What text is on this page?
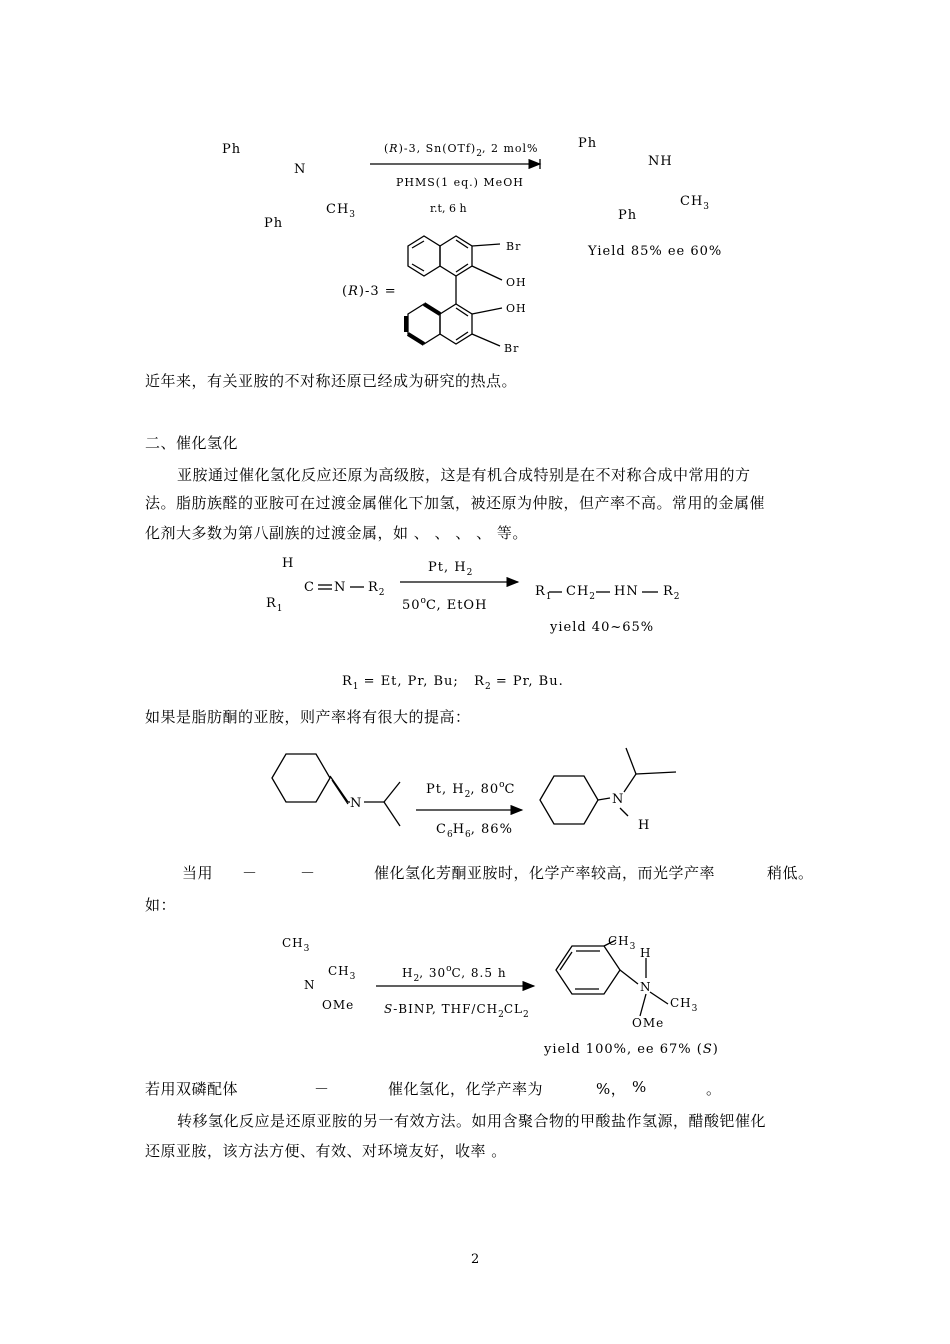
Ph
N
Ph
$CH_3$
(R)-3, $Sn(OTf)_2$, 2 mol%
PHMS(1 eq.) MeOH
r.t, 6 h
Ph
NH
$CH_3$
Ph
Yield 85% ee 60%
(R)-3 =
Br
OH
OH
Br
近年来，有关亚胺的不对称还原已经成为研究的热点。
二、催化氢化
亚胺通过催化氢化反应还原为高级胺，这是有机合成特别是在不对称合成中常用的方
法。脂肪族醛的亚胺可在过渡金属催化下加氢，被还原为仲胺，但产率不高。常用的金属催
化剂大多数为第八副族的过渡金属，如 、 、 、 、 等。
H
C N $R_2$
$R_1$
Pt, $H_2$
50$^o$C, EtOH
$R_1$ $CH_2$ HN $R_2$
yield 40~65%
$R_1 = Et$, Pr, Bu;   $R_2 = Pr$, Bu.
如果是脂肪酮的亚胺，则产率将有很大的提高：
N
Pt, $H_2$, 80$^o$C
$C_6H_6$, 86%
N
H
当用 －	－	催化氢化芳酮亚胺时，化学产率较高，而光学产率	稍低。
如：
$CH_3$
$CH_3$
N
OMe
$H_2$, 30$^o$C, 8.5 h
S-BINP, THF/$CH_2CL_2$
$CH_3$ H
N
$CH_3$
OMe
yield 100%, ee 67% (S)
若用双磷配体	－	催化氢化，化学产率为	%， %	。
转移氢化反应是还原亚胺的另一有效方法。如用含聚合物的甲酸盐作氢源，醋酸钯催化
还原亚胺，该方法方便、有效、对环境友好，收率 。
2
